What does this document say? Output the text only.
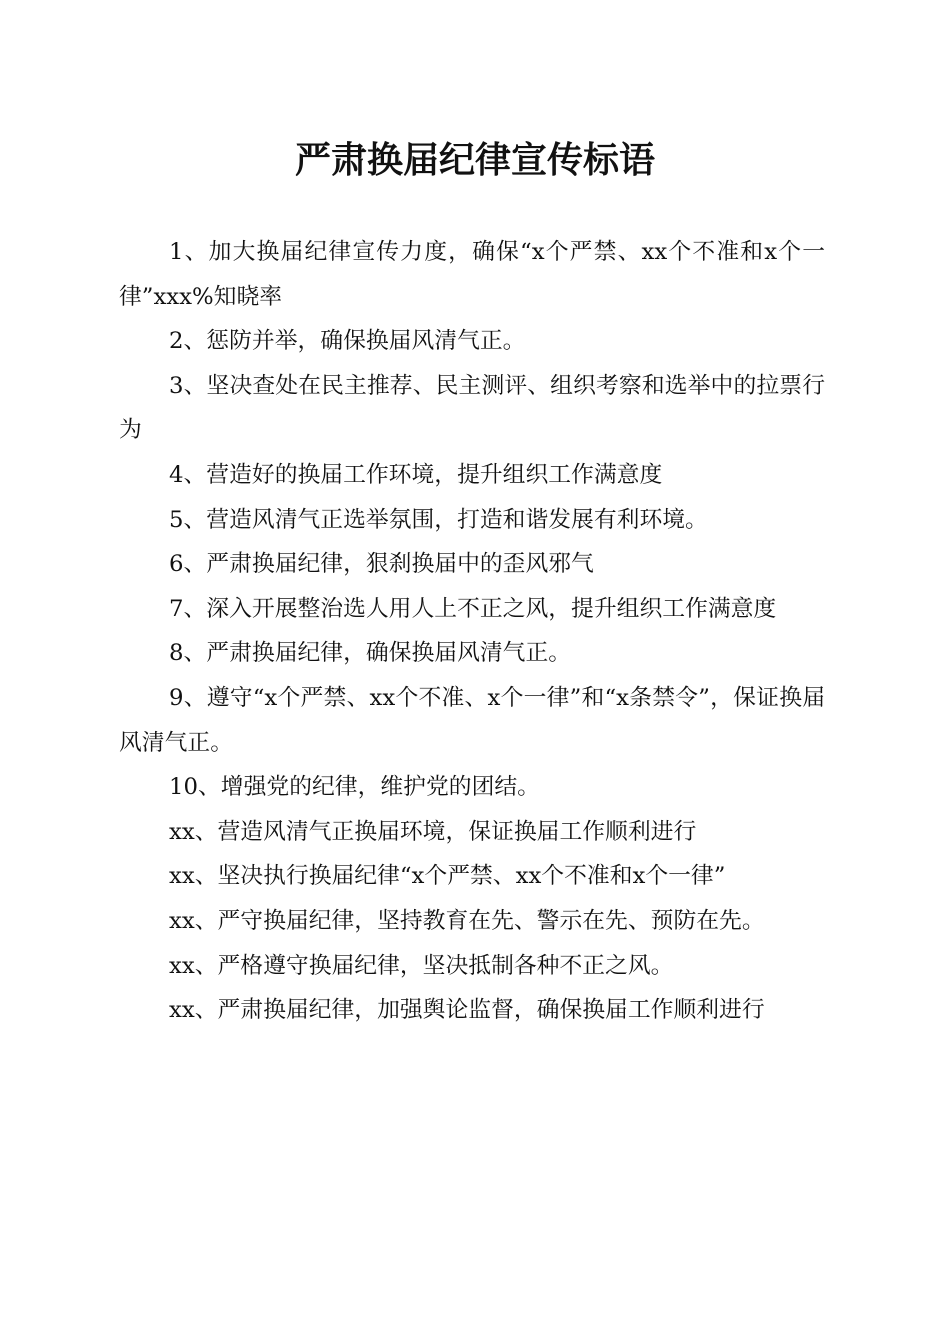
严肃换届纪律宣传标语

1、加大换届纪律宣传力度，确保“x个严禁、xx个不准和x个一律”xxx%知晓率

2、惩防并举，确保换届风清气正。

3、坚决查处在民主推荐、民主测评、组织考察和选举中的拉票行为

4、营造好的换届工作环境，提升组织工作满意度

5、营造风清气正选举氛围，打造和谐发展有利环境。

6、严肃换届纪律，狠刹换届中的歪风邪气

7、深入开展整治选人用人上不正之风，提升组织工作满意度

8、严肃换届纪律，确保换届风清气正。

9、遵守“x个严禁、xx个不准、x个一律”和“x条禁令”，保证换届风清气正。

10、增强党的纪律，维护党的团结。

xx、营造风清气正换届环境，保证换届工作顺利进行

xx、坚决执行换届纪律“x个严禁、xx个不准和x个一律”

xx、严守换届纪律，坚持教育在先、警示在先、预防在先。

xx、严格遵守换届纪律，坚决抵制各种不正之风。

xx、严肃换届纪律，加强舆论监督，确保换届工作顺利进行
